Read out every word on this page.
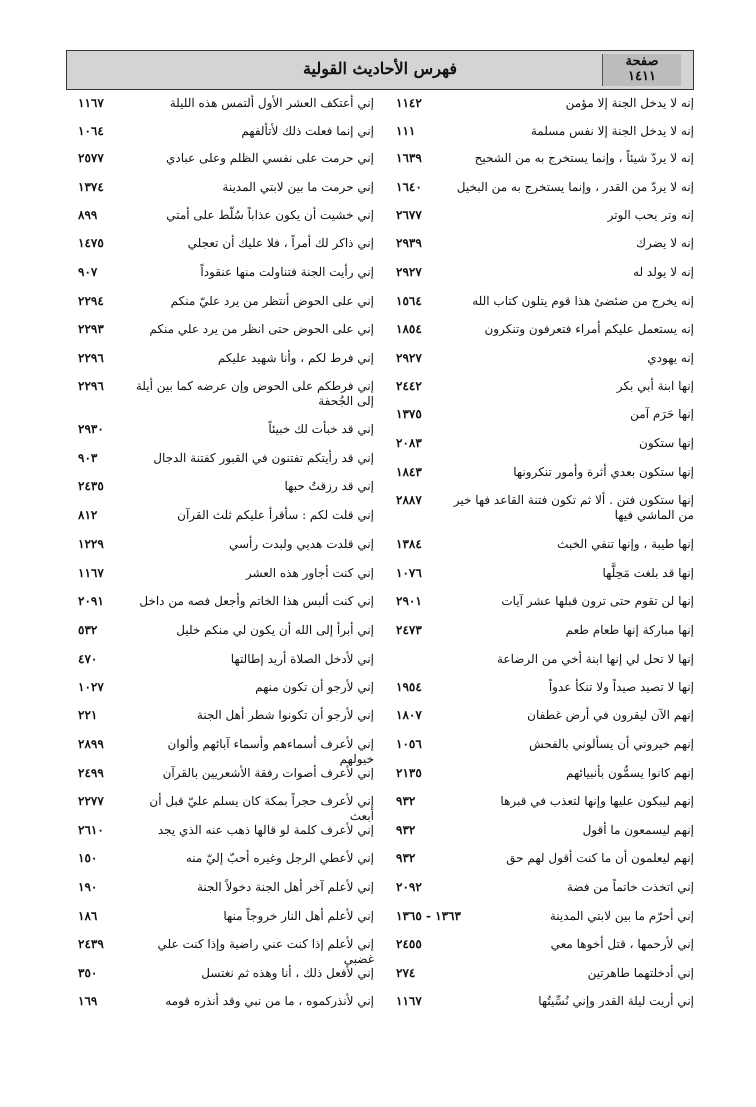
فهرس الأحاديث القولية	صفحة
١٤١١
إنه لا يدخل الجنة إلا مؤمن
١١٤٢
إنه لا يدخل الجنة إلا نفس مسلمة
١١١
إنه لا يردّ شيئاً ، وإنما يستخرج به من الشحيح
١٦٣٩
إنه لا يردّ من القدر ، وإنما يستخرج به من البخيل
١٦٤٠
إنه وتر يحب الوتر
٢٦٧٧
إنه لا يضرك
٢٩٣٩
إنه لا يولد له
٢٩٢٧
إنه يخرج من ضئضئ هذا قوم يتلون كتاب الله
١٥٦٤
إنه يستعمل عليكم أمراء فتعرفون وتنكرون
١٨٥٤
إنه يهودي
٢٩٢٧
إنها ابنة أبي بكر
٢٤٤٢
إنها حَرَم آمن
١٣٧٥
إنها ستكون
٢٠٨٣
إنها ستكون بعدي أثرة وأمور تنكرونها
١٨٤٣
إنها ستكون فتن . ألا ثم تكون فتنة القاعد فها خير من الماشي فيها
٢٨٨٧
إنها طيبة ، وإنها تنفي الخبث
١٣٨٤
إنها قد بلغت مَحِلَّها
١٠٧٦
إنها لن تقوم حتى ترون قبلها عشر آيات
٢٩٠١
إنها مباركة إنها طعام طعم
٢٤٧٣
إنها لا تحل لي إنها ابنة أخي من الرضاعة
إنها لا تصيد صيداً ولا تنكأ عدواً
١٩٥٤
إنهم الآن ليقرون في أرض غطفان
١٨٠٧
إنهم خيروني أن يسألوني بالفحش
١٠٥٦
إنهم كانوا يسمُّون بأنبيائهم
٢١٣٥
إنهم ليبكون عليها وإنها لتعذب في قبرها
٩٣٢
إنهم ليسمعون ما أقول
٩٣٢
إنهم ليعلمون أن ما كنت أقول لهم حق
٩٣٢
إني اتخذت خاتماً من فضة
٢٠٩٢
إني أحرّم ما بين لابتي المدينة
١٣٦٣ - ١٣٦٥
إني لأرحمها ، قتل أخوها معي
٢٤٥٥
إني أدخلتهما طاهرتين
٢٧٤
إني أريت ليلة القدر وإني نُسِّيتُها
١١٦٧
إني أعتكف العشر الأول ألتمس هذه الليلة
١١٦٧
إني إنما فعلت ذلك لأتألفهم
١٠٦٤
إني حرمت على نفسي الظلم وعلى عبادي
٢٥٧٧
إني حرمت ما بين لابتي المدينة
١٣٧٤
إني خشيت أن يكون عذاباً سُلّط على أمتي
٨٩٩
إني ذاكر لك أمراً ، فلا عليك أن تعجلي
١٤٧٥
إني رأيت الجنة فتناولت منها عنقوداً
٩٠٧
إني على الحوض أنتظر من يرد عليّ منكم
٢٢٩٤
إني على الحوض حتى انظر من يرد علي منكم
٢٢٩٣
إني فرط لكم ، وأنا شهيد عليكم
٢٢٩٦
إني فرطكم على الحوض وإن عرضه كما بين أيلة إلى الجُحفة
٢٢٩٦
إني قد خبأت لك خبيئاً
٢٩٣٠
إني قد رأيتكم تفتنون في القبور كفتنة الدجال
٩٠٣
إني قد رزقتُ حبها
٢٤٣٥
إني قلت لكم : سأقرأ عليكم ثلث القرآن
٨١٢
إني قلدت هديي ولبدت رأسي
١٢٢٩
إني كنت أجاور هذه العشر
١١٦٧
إني كنت ألبس هذا الخاتم وأجعل فصه من داخل
٢٠٩١
إني أبرأ إلى الله أن يكون لي منكم خليل
٥٣٢
إني لأدخل الصلاة أريد إطالتها
٤٧٠
إني لأرجو أن تكون منهم
١٠٢٧
إني لأرجو أن تكونوا شطر أهل الجنة
٢٢١
إني لأعرف أسماءهم وأسماء آبائهم وألوان خيولهم
٢٨٩٩
إني لأعرف أصوات رفقة الأشعريين بالقرآن
٢٤٩٩
إني لأعرف حجراً بمكة كان يسلم عليّ قبل أن أبعث
٢٢٧٧
إني لأعرف كلمة لو قالها ذهب عنه الذي يجد
٢٦١٠
إني لأعطي الرجل وغيره أحبّ إليّ منه
١٥٠
إني لأعلم آخر أهل الجنة دخولاً الجنة
١٩٠
إني لأعلم أهل النار خروجاً منها
١٨٦
إني لأعلم إذا كنت عني راضية وإذا كنت علي غضبى
٢٤٣٩
إني لأفعل ذلك ، أنا وهذه ثم نغتسل
٣٥٠
إني لأنذركموه ، ما من نبي وقد أنذره قومه
١٦٩
